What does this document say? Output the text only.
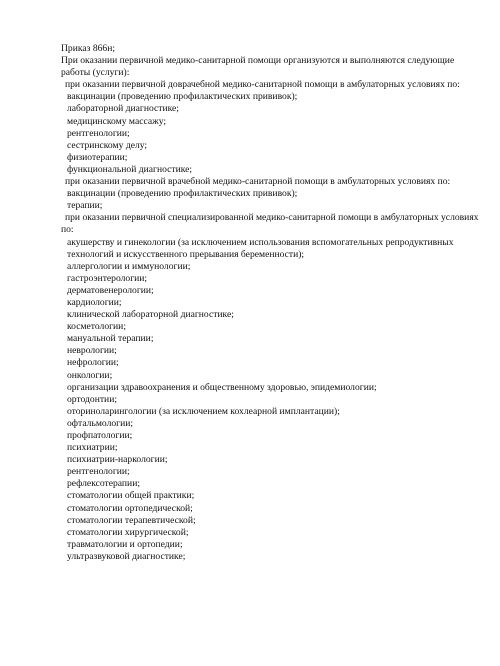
Приказ 866н;

При оказании первичной медико-санитарной помощи организуются и выполняются следующие работы (услуги):

при оказании первичной доврачебной медико-санитарной помощи в амбулаторных условиях по:

вакцинации (проведению профилактических прививок);

лабораторной диагностике;

медицинскому массажу;

рентгенологии;

сестринскому делу;

физиотерапии;

функциональной диагностике;

при оказании первичной врачебной медико-санитарной помощи в амбулаторных условиях по:

вакцинации (проведению профилактических прививок);

терапии;

при оказании первичной специализированной медико-санитарной помощи в амбулаторных условиях по:

акушерству и гинекологии (за исключением использования вспомогательных репродуктивных технологий и искусственного прерывания беременности);

аллергологии и иммунологии;

гастроэнтерологии;

дерматовенерологии;

кардиологии;

клинической лабораторной диагностике;

косметологии;

мануальной терапии;

неврологии;

нефрологии;

онкологии;

организации здравоохранения и общественному здоровью, эпидемиологии;

ортодонтии;

оториноларингологии (за исключением кохлеарной имплантации);

офтальмологии;

профпатологии;

психиатрии;

психиатрии-наркологии;

рентгенологии;

рефлексотерапии;

стоматологии общей практики;

стоматологии ортопедической;

стоматологии терапевтической;

стоматологии хирургической;

травматологии и ортопедии;

ультразвуковой диагностике;
